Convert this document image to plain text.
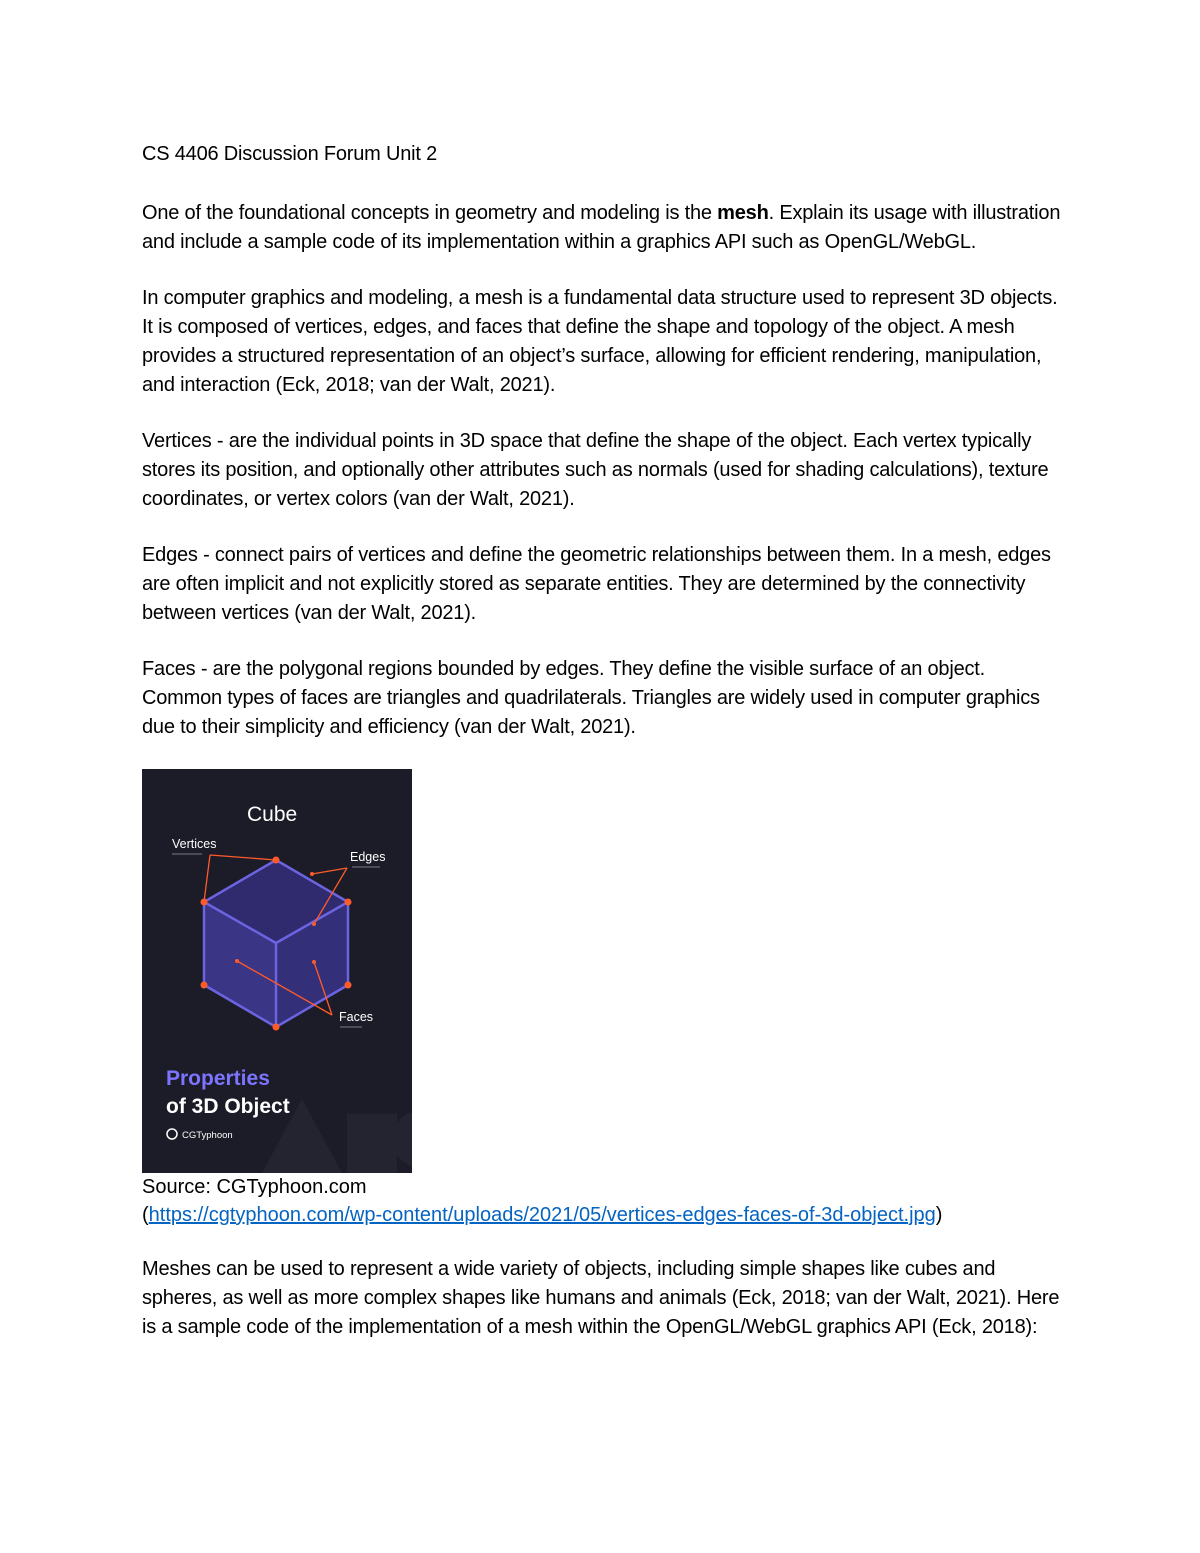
CS 4406 Discussion Forum Unit 2

One of the foundational concepts in geometry and modeling is the mesh. Explain its usage with illustration and include a sample code of its implementation within a graphics API such as OpenGL/WebGL.

In computer graphics and modeling, a mesh is a fundamental data structure used to represent 3D objects. It is composed of vertices, edges, and faces that define the shape and topology of the object. A mesh provides a structured representation of an object’s surface, allowing for efficient rendering, manipulation, and interaction (Eck, 2018; van der Walt, 2021).

Vertices - are the individual points in 3D space that define the shape of the object. Each vertex typically stores its position, and optionally other attributes such as normals (used for shading calculations), texture coordinates, or vertex colors (van der Walt, 2021).

Edges - connect pairs of vertices and define the geometric relationships between them. In a mesh, edges are often implicit and not explicitly stored as separate entities. They are determined by the connectivity between vertices (van der Walt, 2021).

Faces - are the polygonal regions bounded by edges. They define the visible surface of an object. Common types of faces are triangles and quadrilaterals. Triangles are widely used in computer graphics due to their simplicity and efficiency (van der Walt, 2021).

Cube
Vertices
Edges
Faces
Properties
of 3D Object
CGTyphoon

Source: CGTyphoon.com
(https://cgtyphoon.com/wp-content/uploads/2021/05/vertices-edges-faces-of-3d-object.jpg)

Meshes can be used to represent a wide variety of objects, including simple shapes like cubes and spheres, as well as more complex shapes like humans and animals (Eck, 2018; van der Walt, 2021). Here is a sample code of the implementation of a mesh within the OpenGL/WebGL graphics API (Eck, 2018):
